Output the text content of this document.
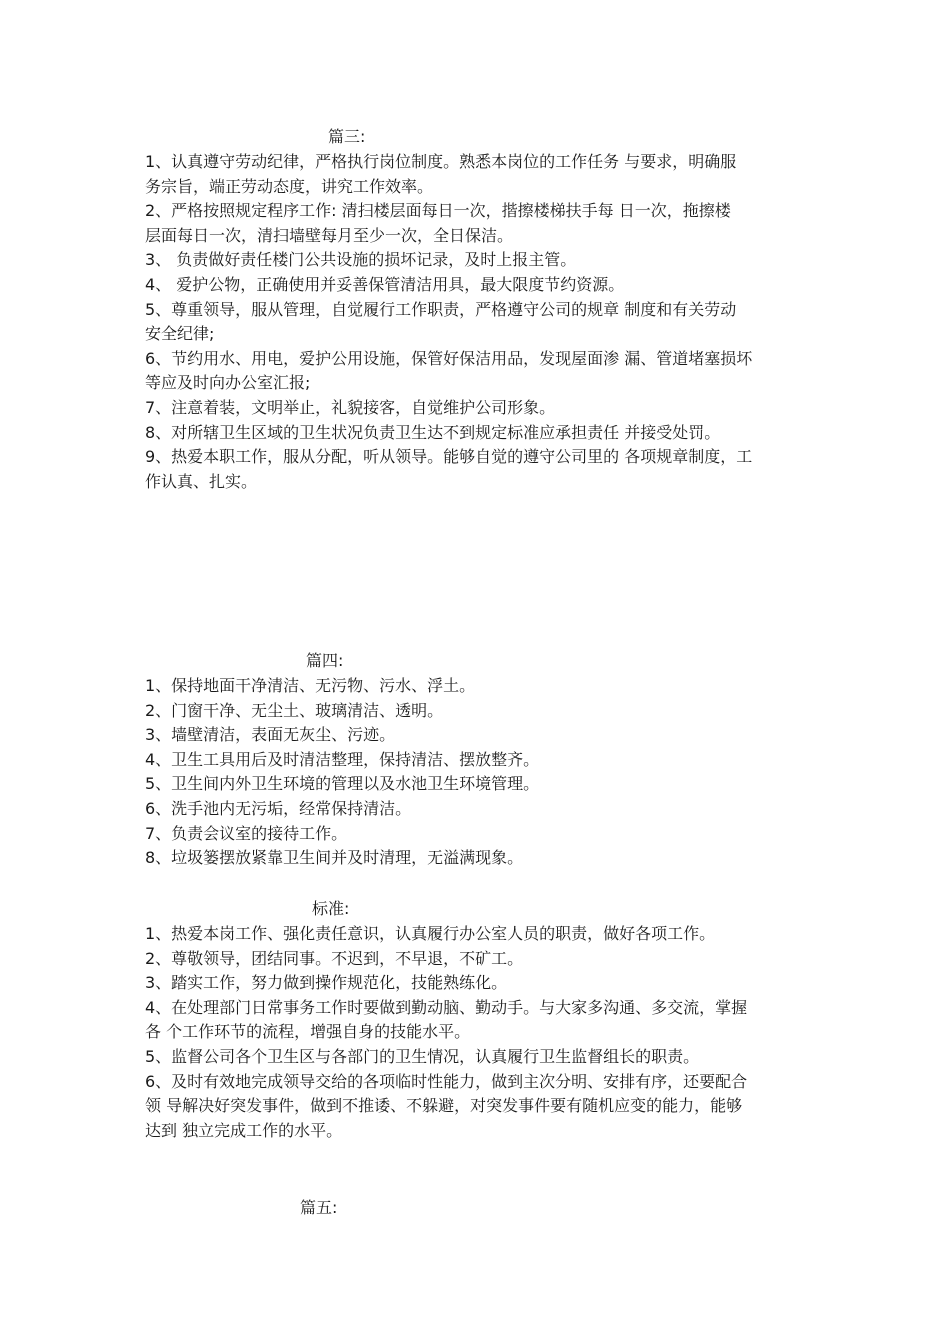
篇三:
1、认真遵守劳动纪律，严格执行岗位制度。熟悉本岗位的工作任务 与要求，明确服
务宗旨，端正劳动态度，讲究工作效率。
2、严格按照规定程序工作: 清扫楼层面每日一次，揩擦楼梯扶手每 日一次，拖擦楼
层面每日一次，清扫墙壁每月至少一次，全日保洁。
3、 负责做好责任楼门公共设施的损坏记录，及时上报主管。
4、 爱护公物，正确使用并妥善保管清洁用具，最大限度节约资源。
5、尊重领导，服从管理，自觉履行工作职责，严格遵守公司的规章 制度和有关劳动
安全纪律;
6、节约用水、用电，爱护公用设施，保管好保洁用品，发现屋面渗 漏、管道堵塞损坏
等应及时向办公室汇报;
7、注意着装，文明举止，礼貌接客，自觉维护公司形象。
8、对所辖卫生区域的卫生状况负责卫生达不到规定标准应承担责任 并接受处罚。
9、热爱本职工作，服从分配，听从领导。能够自觉的遵守公司里的 各项规章制度，工
作认真、扎实。
篇四:
1、保持地面干净清洁、无污物、污水、浮土。
2、门窗干净、无尘土、玻璃清洁、透明。
3、墙壁清洁，表面无灰尘、污迹。
4、卫生工具用后及时清洁整理，保持清洁、摆放整齐。
5、卫生间内外卫生环境的管理以及水池卫生环境管理。
6、洗手池内无污垢，经常保持清洁。
7、负责会议室的接待工作。
8、垃圾篓摆放紧靠卫生间并及时清理，无溢满现象。
标准:
1、热爱本岗工作、强化责任意识，认真履行办公室人员的职责，做好各项工作。
2、尊敬领导，团结同事。不迟到，不早退，不矿工。
3、踏实工作，努力做到操作规范化，技能熟练化。
4、在处理部门日常事务工作时要做到勤动脑、勤动手。与大家多沟通、多交流，掌握
各 个工作环节的流程，增强自身的技能水平。
5、监督公司各个卫生区与各部门的卫生情况，认真履行卫生监督组长的职责。
6、及时有效地完成领导交给的各项临时性能力，做到主次分明、安排有序，还要配合
领 导解决好突发事件，做到不推诿、不躲避，对突发事件要有随机应变的能力，能够
达到 独立完成工作的水平。
篇五:
